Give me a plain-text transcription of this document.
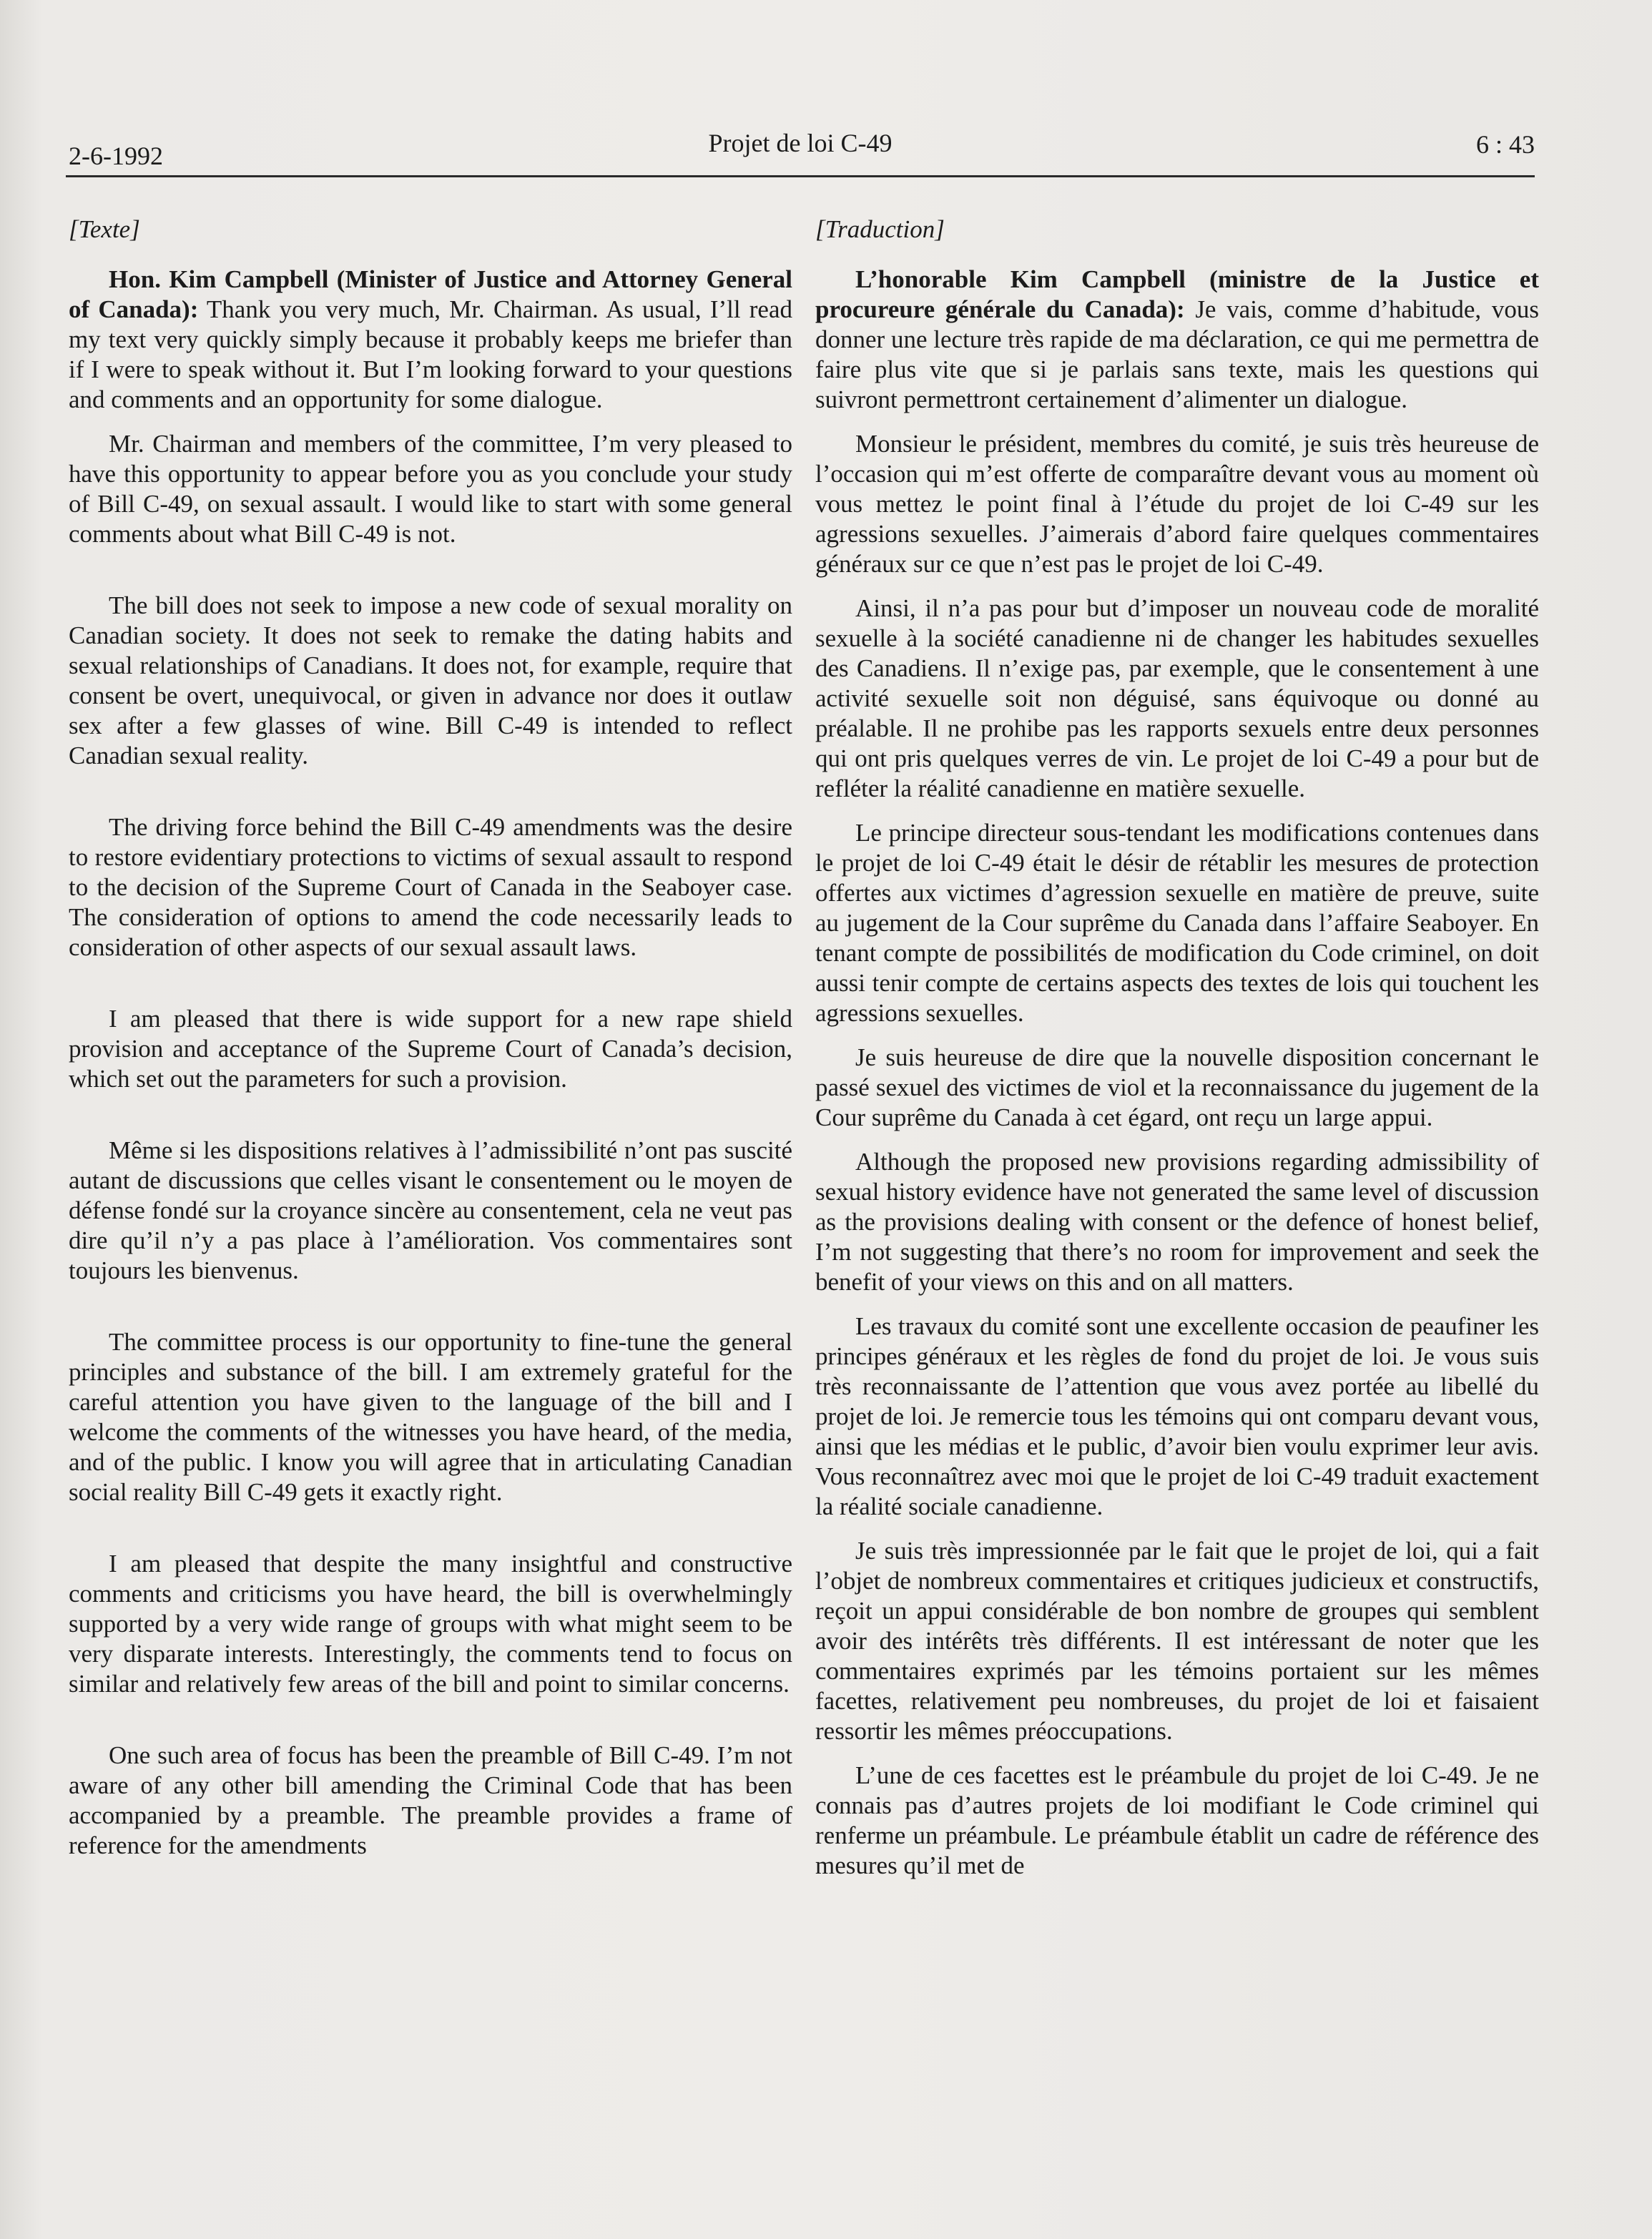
2-6-1992	Projet de loi C-49	6 : 43
[Texte]

Hon. Kim Campbell (Minister of Justice and Attorney General of Canada): Thank you very much, Mr. Chairman. As usual, I’ll read my text very quickly simply because it probably keeps me briefer than if I were to speak without it. But I’m looking forward to your questions and comments and an opportunity for some dialogue.

Mr. Chairman and members of the committee, I’m very pleased to have this opportunity to appear before you as you conclude your study of Bill C-49, on sexual assault. I would like to start with some general comments about what Bill C-49 is not.

The bill does not seek to impose a new code of sexual morality on Canadian society. It does not seek to remake the dating habits and sexual relationships of Canadians. It does not, for example, require that consent be overt, unequivocal, or given in advance nor does it outlaw sex after a few glasses of wine. Bill C-49 is intended to reflect Canadian sexual reality.

The driving force behind the Bill C-49 amendments was the desire to restore evidentiary protections to victims of sexual assault to respond to the decision of the Supreme Court of Canada in the Seaboyer case. The consideration of options to amend the code necessarily leads to consideration of other aspects of our sexual assault laws.

I am pleased that there is wide support for a new rape shield provision and acceptance of the Supreme Court of Canada’s decision, which set out the parameters for such a provision.

Même si les dispositions relatives à l’admissibilité n’ont pas suscité autant de discussions que celles visant le consentement ou le moyen de défense fondé sur la croyance sincère au consentement, cela ne veut pas dire qu’il n’y a pas place à l’amélioration. Vos commentaires sont toujours les bienvenus.

The committee process is our opportunity to fine-tune the general principles and substance of the bill. I am extremely grateful for the careful attention you have given to the language of the bill and I welcome the comments of the witnesses you have heard, of the media, and of the public. I know you will agree that in articulating Canadian social reality Bill C-49 gets it exactly right.

I am pleased that despite the many insightful and constructive comments and criticisms you have heard, the bill is overwhelmingly supported by a very wide range of groups with what might seem to be very disparate interests. Interestingly, the comments tend to focus on similar and relatively few areas of the bill and point to similar concerns.

One such area of focus has been the preamble of Bill C-49. I’m not aware of any other bill amending the Criminal Code that has been accompanied by a preamble. The preamble provides a frame of reference for the amendments

[Traduction]

L’honorable Kim Campbell (ministre de la Justice et procureure générale du Canada): Je vais, comme d’habitude, vous donner une lecture très rapide de ma déclaration, ce qui me permettra de faire plus vite que si je parlais sans texte, mais les questions qui suivront permettront certainement d’alimenter un dialogue.

Monsieur le président, membres du comité, je suis très heureuse de l’occasion qui m’est offerte de comparaître devant vous au moment où vous mettez le point final à l’étude du projet de loi C-49 sur les agressions sexuelles. J’aimerais d’abord faire quelques commentaires généraux sur ce que n’est pas le projet de loi C-49.

Ainsi, il n’a pas pour but d’imposer un nouveau code de moralité sexuelle à la société canadienne ni de changer les habitudes sexuelles des Canadiens. Il n’exige pas, par exemple, que le consentement à une activité sexuelle soit non déguisé, sans équivoque ou donné au préalable. Il ne prohibe pas les rapports sexuels entre deux personnes qui ont pris quelques verres de vin. Le projet de loi C-49 a pour but de refléter la réalité canadienne en matière sexuelle.

Le principe directeur sous-tendant les modifications contenues dans le projet de loi C-49 était le désir de rétablir les mesures de protection offertes aux victimes d’agression sexuelle en matière de preuve, suite au jugement de la Cour suprême du Canada dans l’affaire Seaboyer. En tenant compte de possibilités de modification du Code criminel, on doit aussi tenir compte de certains aspects des textes de lois qui touchent les agressions sexuelles.

Je suis heureuse de dire que la nouvelle disposition concernant le passé sexuel des victimes de viol et la reconnaissance du jugement de la Cour suprême du Canada à cet égard, ont reçu un large appui.

Although the proposed new provisions regarding admissibility of sexual history evidence have not generated the same level of discussion as the provisions dealing with consent or the defence of honest belief, I’m not suggesting that there’s no room for improvement and seek the benefit of your views on this and on all matters.

Les travaux du comité sont une excellente occasion de peaufiner les principes généraux et les règles de fond du projet de loi. Je vous suis très reconnaissante de l’attention que vous avez portée au libellé du projet de loi. Je remercie tous les témoins qui ont comparu devant vous, ainsi que les médias et le public, d’avoir bien voulu exprimer leur avis. Vous reconnaîtrez avec moi que le projet de loi C-49 traduit exactement la réalité sociale canadienne.

Je suis très impressionnée par le fait que le projet de loi, qui a fait l’objet de nombreux commentaires et critiques judicieux et constructifs, reçoit un appui considérable de bon nombre de groupes qui semblent avoir des intérêts très différents. Il est intéressant de noter que les commentaires exprimés par les témoins portaient sur les mêmes facettes, relativement peu nombreuses, du projet de loi et faisaient ressortir les mêmes préoccupations.

L’une de ces facettes est le préambule du projet de loi C-49. Je ne connais pas d’autres projets de loi modifiant le Code criminel qui renferme un préambule. Le préambule établit un cadre de référence des mesures qu’il met de
